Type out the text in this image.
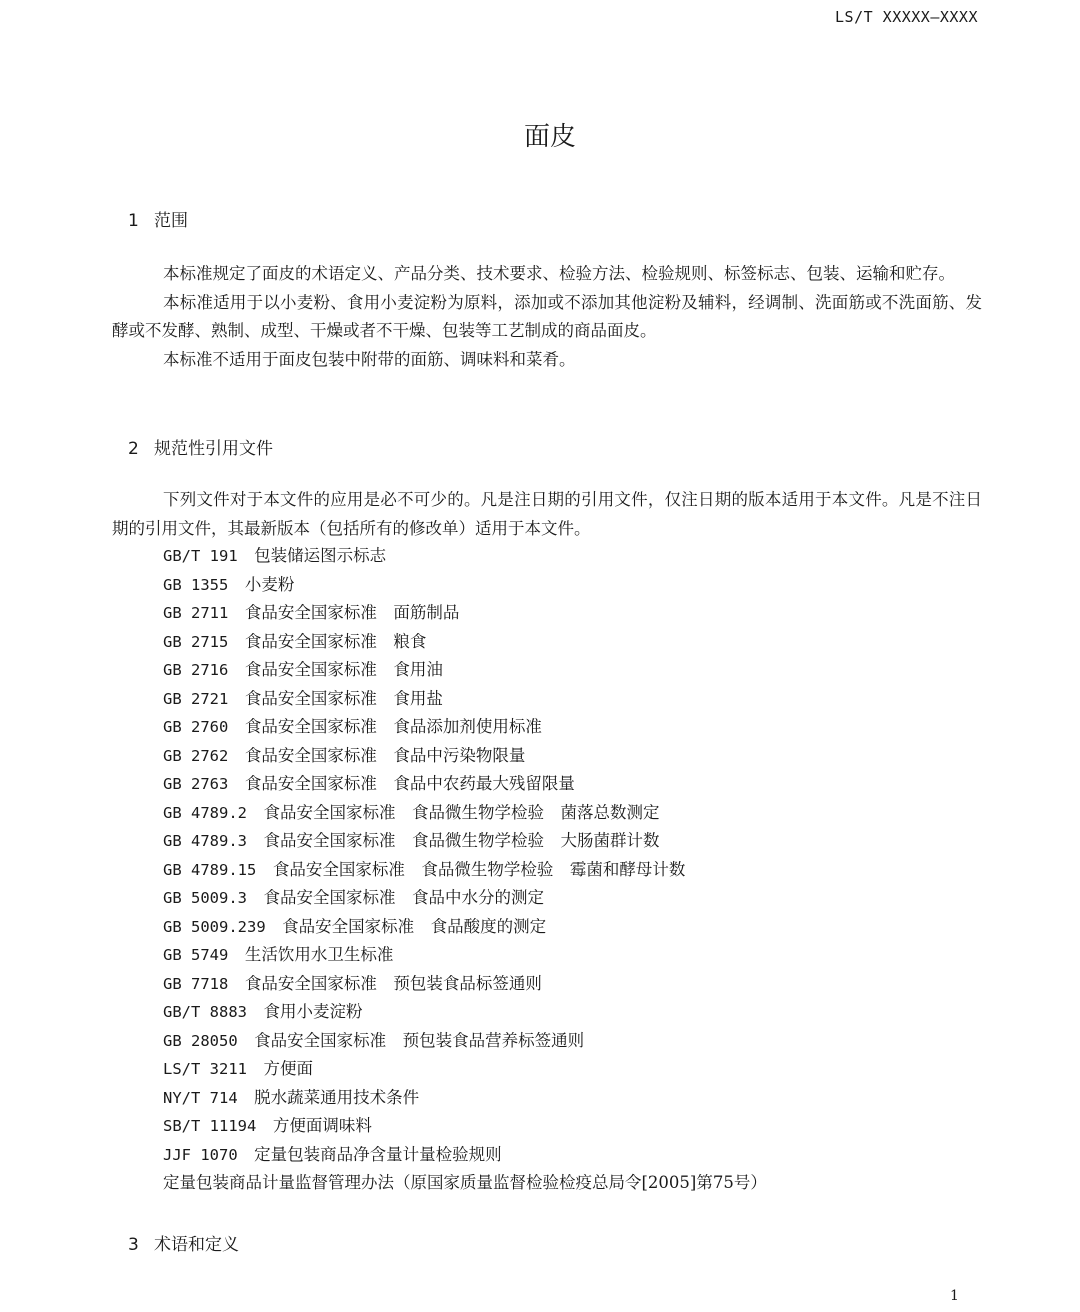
LS/T XXXXX—XXXX
面皮
1 范围

本标准规定了面皮的术语定义、产品分类、技术要求、检验方法、检验规则、标签标志、包装、运输和贮存。

本标准适用于以小麦粉、食用小麦淀粉为原料，添加或不添加其他淀粉及辅料，经调制、洗面筋或不洗面筋、发酵或不发酵、熟制、成型、干燥或者不干燥、包装等工艺制成的商品面皮。

本标准不适用于面皮包装中附带的面筋、调味料和菜肴。

2 规范性引用文件

下列文件对于本文件的应用是必不可少的。凡是注日期的引用文件，仅注日期的版本适用于本文件。凡是不注日期的引用文件，其最新版本（包括所有的修改单）适用于本文件。

GB/T 191　 包装储运图示标志
GB 1355　 小麦粉
GB 2711　 食品安全国家标准　面筋制品
GB 2715　 食品安全国家标准　粮食
GB 2716　 食品安全国家标准　食用油
GB 2721　 食品安全国家标准　食用盐
GB 2760　 食品安全国家标准　食品添加剂使用标准
GB 2762　 食品安全国家标准　食品中污染物限量
GB 2763　 食品安全国家标准　食品中农药最大残留限量
GB 4789.2　 食品安全国家标准　食品微生物学检验　菌落总数测定
GB 4789.3　 食品安全国家标准　食品微生物学检验　大肠菌群计数
GB 4789.15　 食品安全国家标准　食品微生物学检验　霉菌和酵母计数
GB 5009.3　 食品安全国家标准　食品中水分的测定
GB 5009.239　 食品安全国家标准　食品酸度的测定
GB 5749　 生活饮用水卫生标准
GB 7718　 食品安全国家标准　预包装食品标签通则
GB/T 8883　 食用小麦淀粉
GB 28050　 食品安全国家标准　预包装食品营养标签通则
LS/T 3211　 方便面
NY/T 714　 脱水蔬菜通用技术条件
SB/T 11194　 方便面调味料
JJF 1070　 定量包装商品净含量计量检验规则
定量包装商品计量监督管理办法（原国家质量监督检验检疫总局令[2005]第75号）
3 术语和定义
1
